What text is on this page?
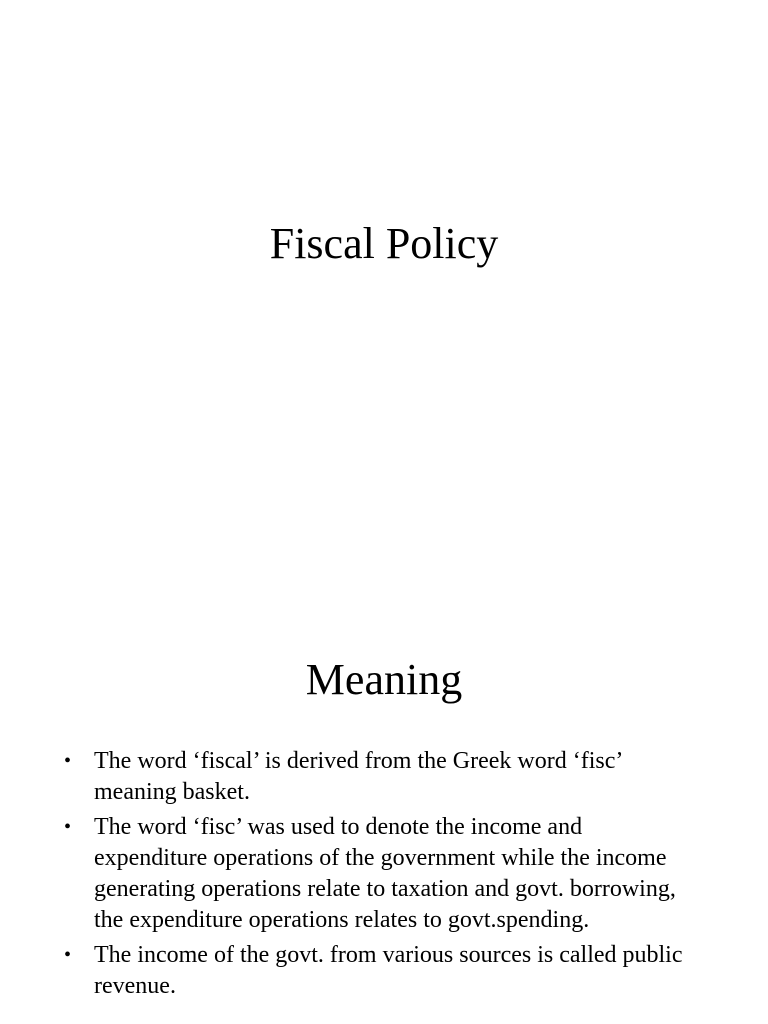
Fiscal Policy
Meaning
• The word ‘fiscal’ is derived from the Greek word ‘fisc’ meaning basket.
• The word ‘fisc’ was used to denote the income and expenditure operations of the government while the income generating operations relate to taxation and govt. borrowing, the expenditure operations relates to govt.spending.
• The income of the govt. from various sources is called public revenue.
